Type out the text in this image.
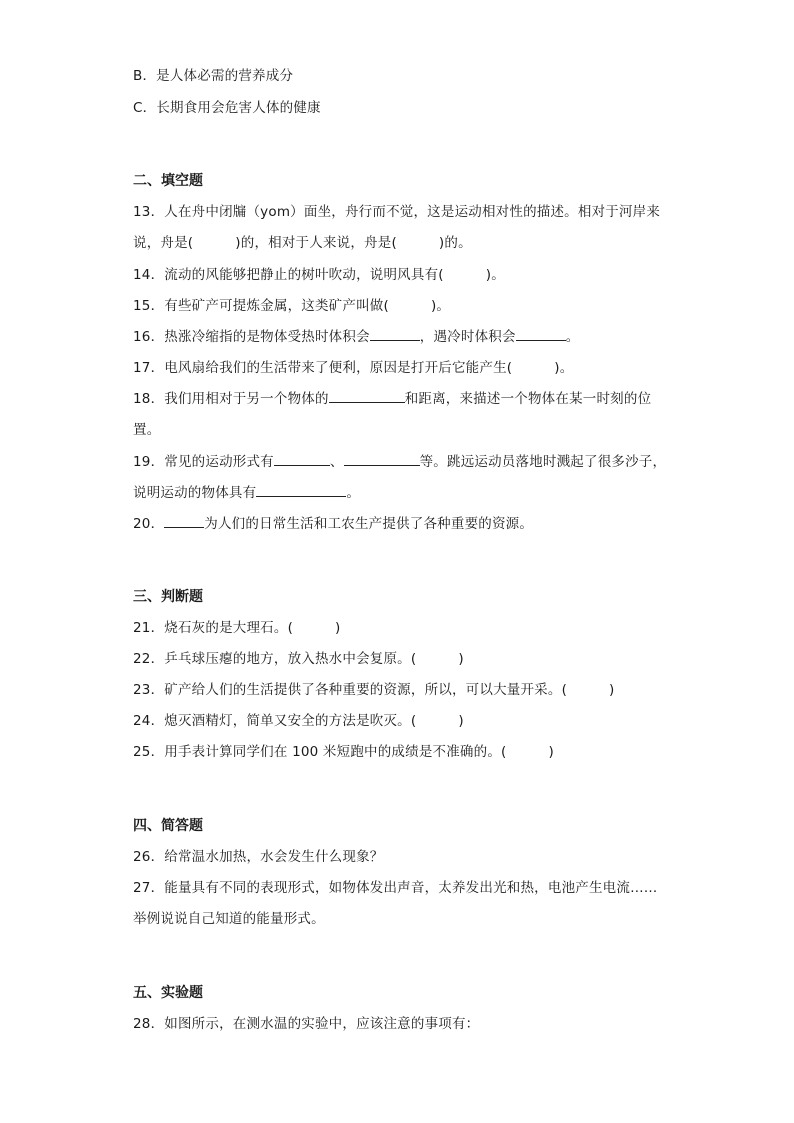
B．是人体必需的营养成分
C．长期食用会危害人体的健康
二、填空题
13．人在舟中闭牖（yom）面坐，舟行而不觉，这是运动相对性的描述。相对于河岸来
说，舟是(	)的，相对于人来说，舟是(	)的。
14．流动的风能够把静止的树叶吹动，说明风具有(	)。
15．有些矿产可提炼金属，这类矿产叫做(	)。
16．热涨冷缩指的是物体受热时体积会	，遇冷时体积会	。
17．电风扇给我们的生活带来了便利，原因是打开后它能产生(	)。
18．我们用相对于另一个物体的	和距离，来描述一个物体在某一时刻的位
置。
19．常见的运动形式有	、	等。跳远运动员落地时溅起了很多沙子，
说明运动的物体具有	。
20．	为人们的日常生活和工农生产提供了各种重要的资源。
三、判断题
21．烧石灰的是大理石。(	)
22．乒乓球压瘪的地方，放入热水中会复原。(	)
23．矿产给人们的生活提供了各种重要的资源，所以，可以大量开采。(	)
24．熄灭酒精灯，简单又安全的方法是吹灭。(	)
25．用手表计算同学们在 100 米短跑中的成绩是不准确的。(	)
四、简答题
26．给常温水加热，水会发生什么现象？
27．能量具有不同的表现形式，如物体发出声音，太养发出光和热，电池产生电流……
举例说说自己知道的能量形式。
五、实验题
28．如图所示，在测水温的实验中，应该注意的事项有：
